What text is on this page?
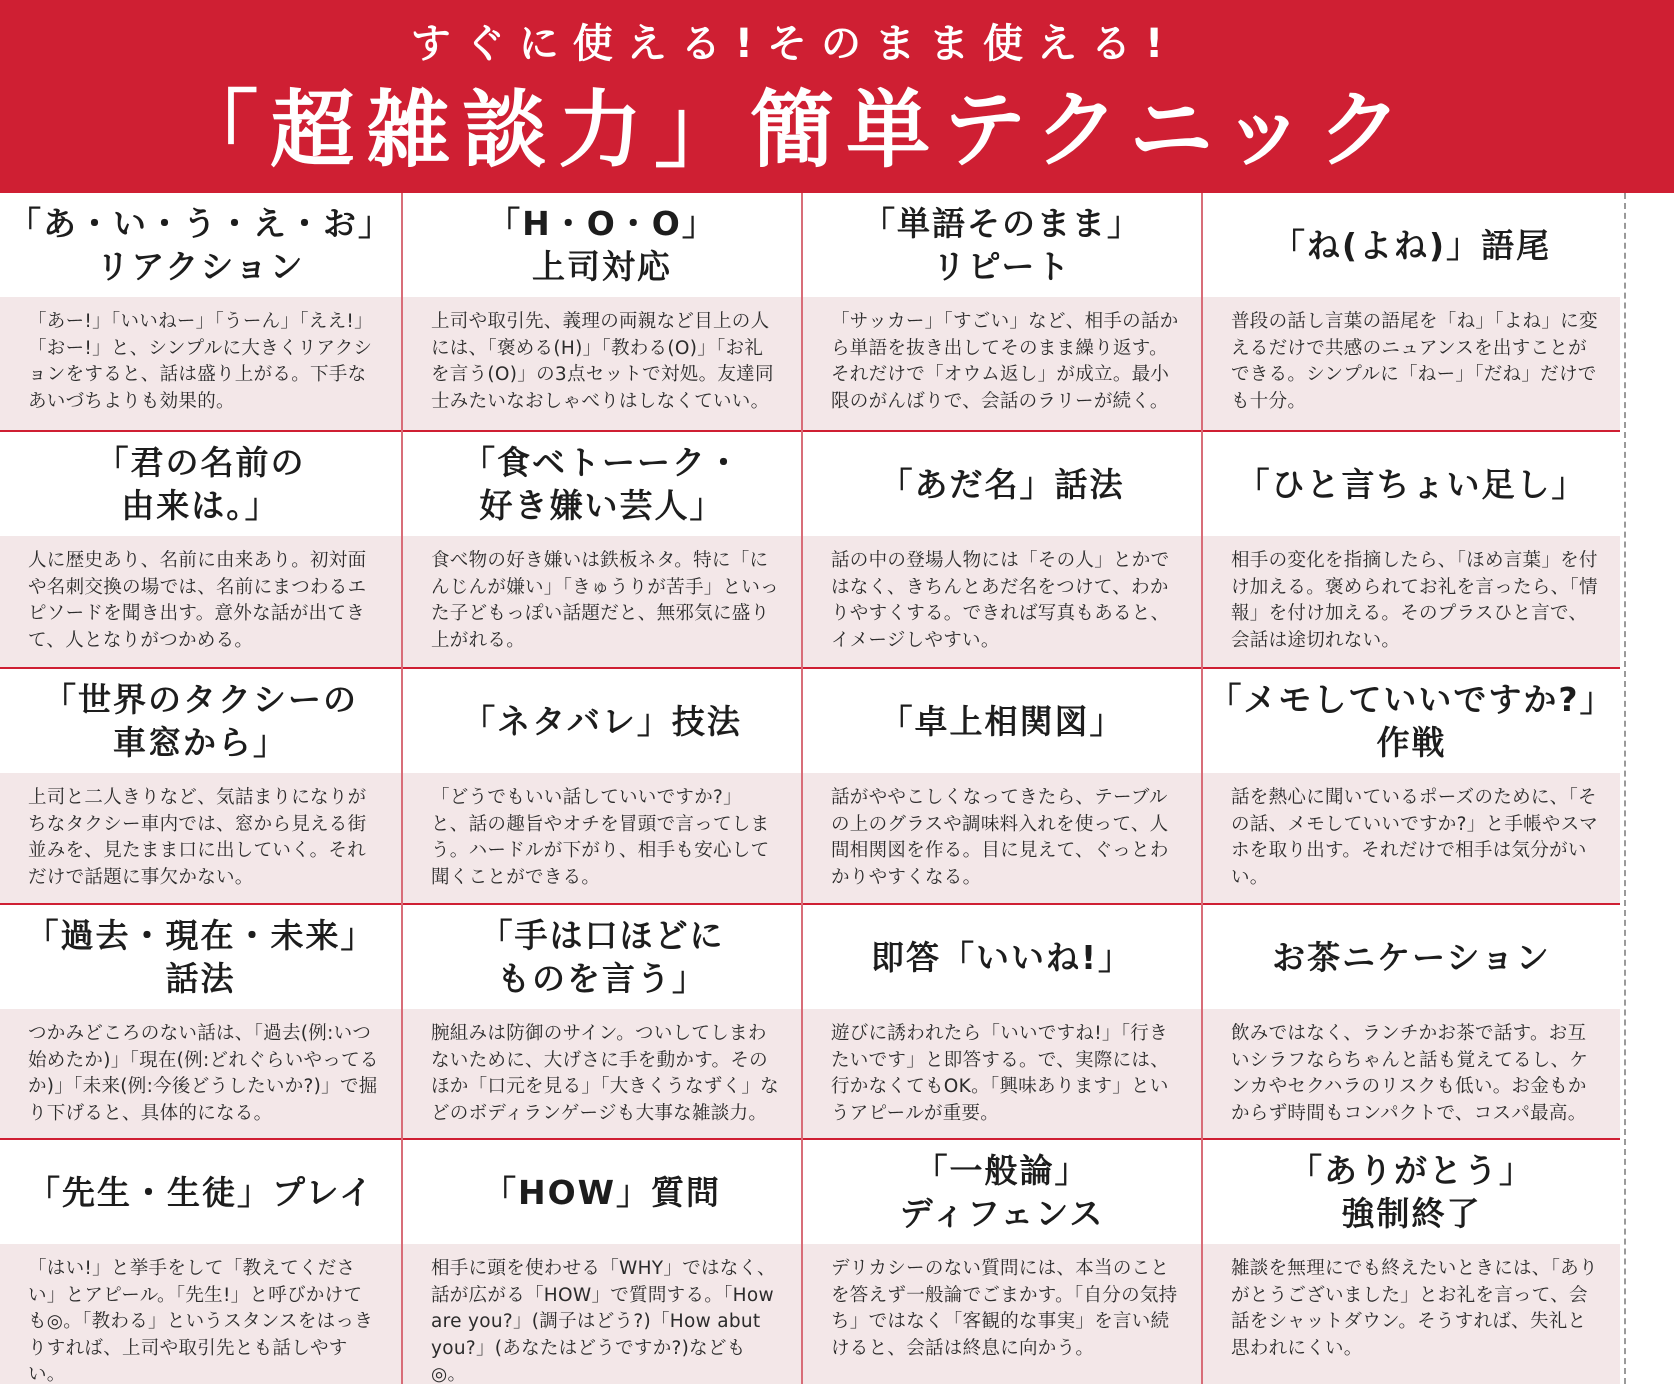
すぐに使える!そのまま使える!
「超雑談力」簡単テクニック
「あ・い・う・え・お」
リアクション
「あー!」「いいねー」「うーん」「ええ!」「おー!」と、シンプルに大きくリアクションをすると、話は盛り上がる。下手なあいづちよりも効果的。
「H・O・O」
上司対応
上司や取引先、義理の両親など目上の人には、「褒める(H)」「教わる(O)」「お礼を言う(O)」の3点セットで対処。友達同士みたいなおしゃべりはしなくていい。
「単語そのまま」
リピート
「サッカー」「すごい」など、相手の話から単語を抜き出してそのまま繰り返す。それだけで「オウム返し」が成立。最小限のがんばりで、会話のラリーが続く。
「ね(よね)」語尾
普段の話し言葉の語尾を「ね」「よね」に変えるだけで共感のニュアンスを出すことができる。シンプルに「ねー」「だね」だけでも十分。
「君の名前の
由来は。」
人に歴史あり、名前に由来あり。初対面や名刺交換の場では、名前にまつわるエピソードを聞き出す。意外な話が出てきて、人となりがつかめる。
「食ベトーーク・
好き嫌い芸人」
食べ物の好き嫌いは鉄板ネタ。特に「にんじんが嫌い」「きゅうりが苦手」といった子どもっぽい話題だと、無邪気に盛り上がれる。
「あだ名」話法
話の中の登場人物には「その人」とかではなく、きちんとあだ名をつけて、わかりやすくする。できれば写真もあると、イメージしやすい。
「ひと言ちょい足し」
相手の変化を指摘したら、「ほめ言葉」を付け加える。褒められてお礼を言ったら、「情報」を付け加える。そのプラスひと言で、会話は途切れない。
「世界のタクシーの
車窓から」
上司と二人きりなど、気詰まりになりがちなタクシー車内では、窓から見える街並みを、見たまま口に出していく。それだけで話題に事欠かない。
「ネタバレ」技法
「どうでもいい話していいですか?」と、話の趣旨やオチを冒頭で言ってしまう。ハードルが下がり、相手も安心して聞くことができる。
「卓上相関図」
話がややこしくなってきたら、テーブルの上のグラスや調味料入れを使って、人間相関図を作る。目に見えて、ぐっとわかりやすくなる。
「メモしていいですか?」
作戦
話を熱心に聞いているポーズのために、「その話、メモしていいですか?」と手帳やスマホを取り出す。それだけで相手は気分がいい。
「過去・現在・未来」
話法
つかみどころのない話は、「過去(例:いつ始めたか)」「現在(例:どれぐらいやってるか)」「未来(例:今後どうしたいか?)」で掘り下げると、具体的になる。
「手は口ほどに
ものを言う」
腕組みは防御のサイン。ついしてしまわないために、大げさに手を動かす。そのほか「口元を見る」「大きくうなずく」などのボディランゲージも大事な雑談力。
即答「いいね!」
遊びに誘われたら「いいですね!」「行きたいです」と即答する。で、実際には、行かなくてもOK。「興味あります」というアピールが重要。
お茶ニケーション
飲みではなく、ランチかお茶で話す。お互いシラフならちゃんと話も覚えてるし、ケンカやセクハラのリスクも低い。お金もかからず時間もコンパクトで、コスパ最高。
「先生・生徒」プレイ
「はい!」と挙手をして「教えてください」とアピール。「先生!」と呼びかけても◎。「教わる」というスタンスをはっきりすれば、上司や取引先とも話しやすい。
「HOW」質問
相手に頭を使わせる「WHY」ではなく、話が広がる「HOW」で質問する。「How are you?」(調子はどう?)「How abut you?」(あなたはどうですか?)なども◎。
「一般論」
ディフェンス
デリカシーのない質問には、本当のことを答えず一般論でごまかす。「自分の気持ち」ではなく「客観的な事実」を言い続けると、会話は終息に向かう。
「ありがとう」
強制終了
雑談を無理にでも終えたいときには、「ありがとうございました」とお礼を言って、会話をシャットダウン。そうすれば、失礼と思われにくい。
